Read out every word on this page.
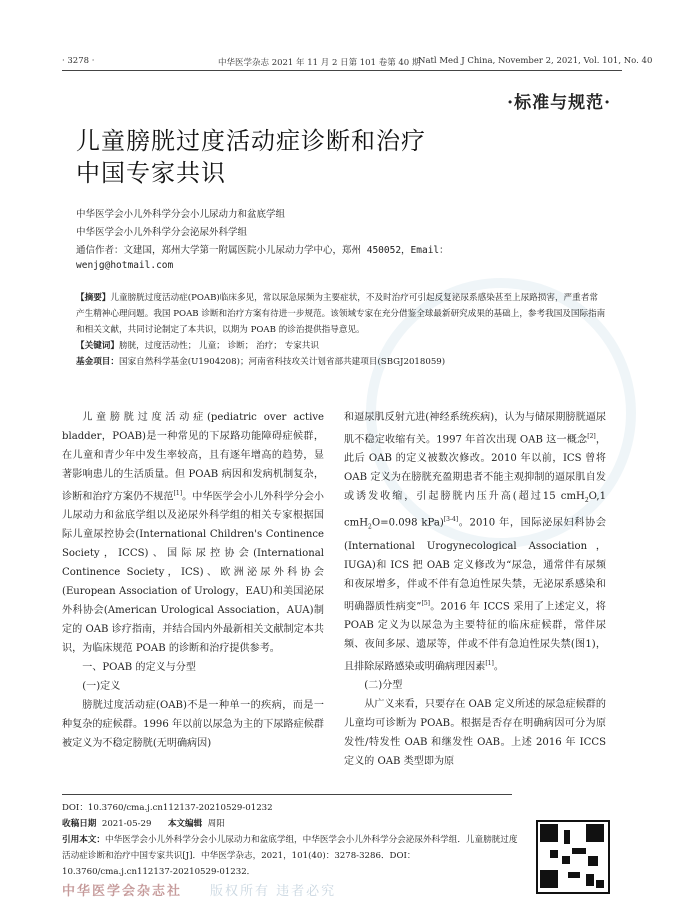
· 3278 ·	中华医学杂志 2021 年 11 月 2 日第 101 卷第 40 期
Natl Med J China, November 2, 2021, Vol. 101, No. 40
·标准与规范·
儿童膀胱过度活动症诊断和治疗
中国专家共识
中华医学会小儿外科学分会小儿尿动力和盆底学组
中华医学会小儿外科学分会泌尿外科学组
通信作者：文建国，郑州大学第一附属医院小儿尿动力学中心，郑州 450052，Email：
wenjg@hotmail.com
【摘要】儿童膀胱过度活动症(POAB)临床多见，常以尿急尿频为主要症状，不及时治疗可引起反复泌尿系感染甚至上尿路损害，严重者常产生精神心理问题。我国 POAB 诊断和治疗方案有待进一步规范。该领域专家在充分借鉴全球最新研究成果的基础上，参考我国及国际指南和相关文献，共同讨论制定了本共识，以期为 POAB 的诊治提供指导意见。
【关键词】膀胱，过度活动性； 儿童； 诊断； 治疗； 专家共识
基金项目：国家自然科学基金(U1904208)；河南省科技攻关计划省部共建项目(SBGJ2018059)

儿童膀胱过度活动症(pediatric over active bladder，POAB)是一种常见的下尿路功能障碍症候群，在儿童和青少年中发生率较高，且有逐年增高的趋势，显著影响患儿的生活质量。但 POAB 病因和发病机制复杂，诊断和治疗方案仍不规范[1]。中华医学会小儿外科学分会小儿尿动力和盆底学组以及泌尿外科学组的相关专家根据国际儿童尿控协会(International Children's Continence Society，ICCS)、国际尿控协会(International Continence Society，ICS)、欧洲泌尿外科协会(European Association of Urology，EAU)和美国泌尿外科协会(American Urological Association，AUA)制定的 OAB 诊疗指南，并结合国内外最新相关文献制定本共识，为临床规范 POAB 的诊断和治疗提供参考。

一、POAB 的定义与分型

(一)定义

膀胱过度活动症(OAB)不是一种单一的疾病，而是一种复杂的症候群。1996 年以前以尿急为主的下尿路症候群被定义为不稳定膀胱(无明确病因)

和逼尿肌反射亢进(神经系统疾病)，认为与储尿期膀胱逼尿肌不稳定收缩有关。1997 年首次出现 OAB 这一概念[2]，此后 OAB 的定义被数次修改。2010 年以前，ICS 曾将 OAB 定义为在膀胱充盈期患者不能主观抑制的逼尿肌自发或诱发收缩，引起膀胱内压升高(超过15 cmH$_2$O,1 cmH$_2$O=0.098 kPa)[3-4]。2010 年，国际泌尿妇科协会(International Urogynecological Association，IUGA)和 ICS 把 OAB 定义修改为“尿急，通常伴有尿频和夜尿增多，伴或不伴有急迫性尿失禁，无泌尿系感染和明确器质性病变”[5]。2016 年 ICCS 采用了上述定义，将 POAB 定义为以尿急为主要特征的临床症候群，常伴尿频、夜间多尿、遗尿等，伴或不伴有急迫性尿失禁(图1)，且排除尿路感染或明确病理因素[1]。

(二)分型

从广义来看，只要存在 OAB 定义所述的尿急症候群的儿童均可诊断为 POAB。根据是否存在明确病因可分为原发性/特发性 OAB 和继发性 OAB。上述 2016 年 ICCS 定义的 OAB 类型即为原

DOI：10.3760/cma.j.cn112137-20210529-01232
收稿日期 2021-05-29 本文编辑 周阳
引用本文：中华医学会小儿外科学分会小儿尿动力和盆底学组，中华医学会小儿外科学分会泌尿外科学组．儿童膀胱过度活动症诊断和治疗中国专家共识[J]．中华医学杂志，2021，101(40)：3278-3286．DOI：10.3760/cma.j.cn112137-20210529-01232．
中华医学会杂志社 版权所有 违者必究
